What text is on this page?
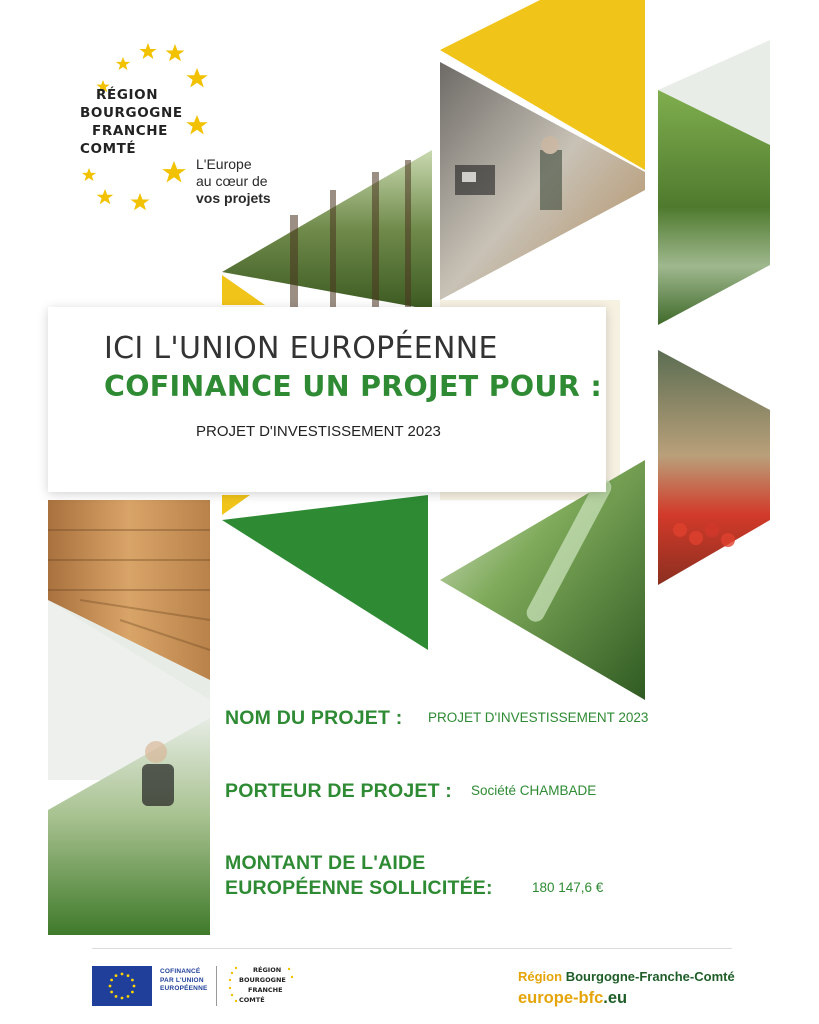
RÉGION
BOURGOGNE
FRANCHE
COMTÉ
L'Europe
au cœur de
vos projets
ICI L'UNION EUROPÉENNE
COFINANCE UN PROJET POUR :
PROJET D'INVESTISSEMENT 2023
NOM DU PROJET : PROJET D'INVESTISSEMENT 2023
PORTEUR DE PROJET : Société CHAMBADE
MONTANT DE L'AIDE
EUROPÉENNE SOLLICITÉE:	180 147,6 €
COFINANCÉ
PAR L'UNION
EUROPÉENNE
RÉGION
BOURGOGNE
FRANCHE
COMTÉ
Région Bourgogne-Franche-Comté
europe-bfc.eu
